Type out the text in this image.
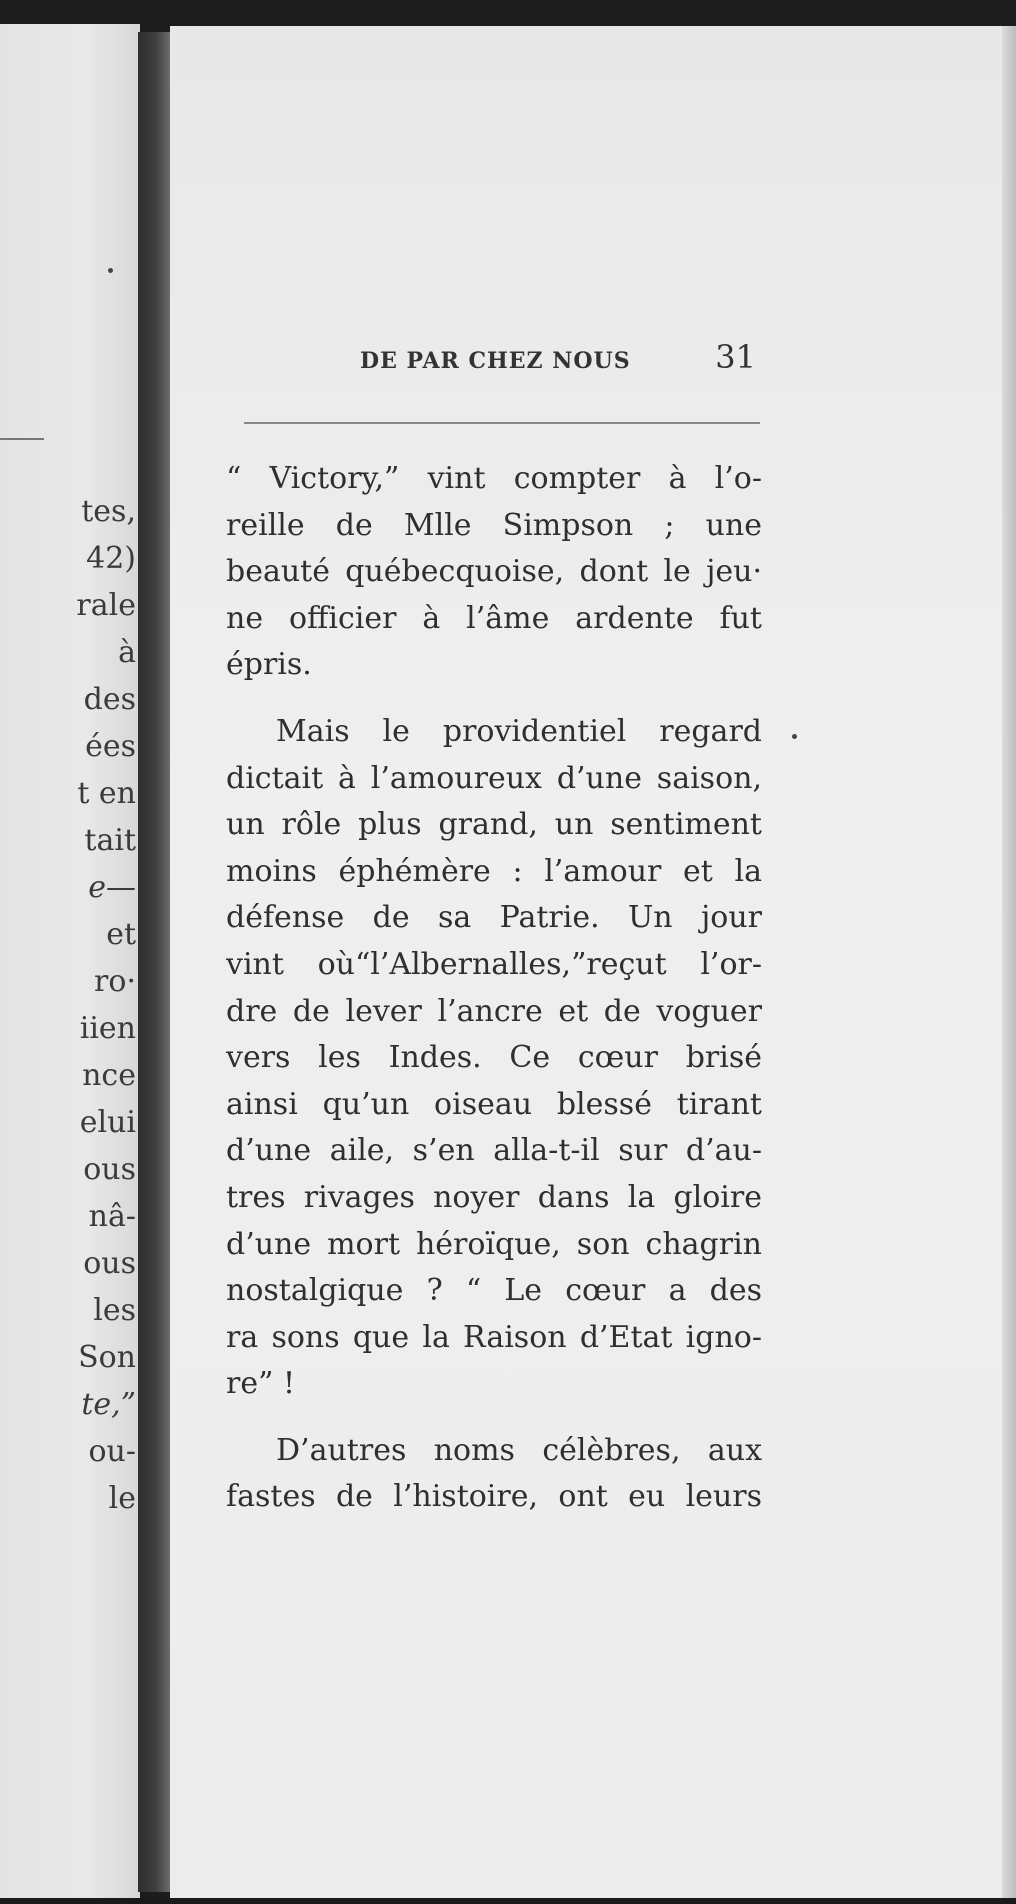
tes,
42)
rale
à
des
ées
t en
tait
e—
et
ro·
iien
nce
elui
ous
nâ-
ous
les
Son
te,”
ou-
le
DE PAR CHEZ NOUS	31
“ Victory,” vint compter à l’o-
reille de Mlle Simpson ; une
beauté québecquoise, dont le jeu·
ne officier à l’âme ardente fut
épris.
Mais le providentiel regard
dictait à l’amoureux d’une saison,
un rôle plus grand, un sentiment
moins éphémère : l’amour et la
défense de sa Patrie. Un jour
vint où“l’Albernalles,”reçut l’or-
dre de lever l’ancre et de voguer
vers les Indes. Ce cœur brisé
ainsi qu’un oiseau blessé tirant
d’une aile, s’en alla-t-il sur d’au-
tres rivages noyer dans la gloire
d’une mort héroïque, son chagrin
nostalgique ? “ Le cœur a des
ra sons que la Raison d’Etat igno-
re” !
D’autres noms célèbres, aux
fastes de l’histoire, ont eu leurs
